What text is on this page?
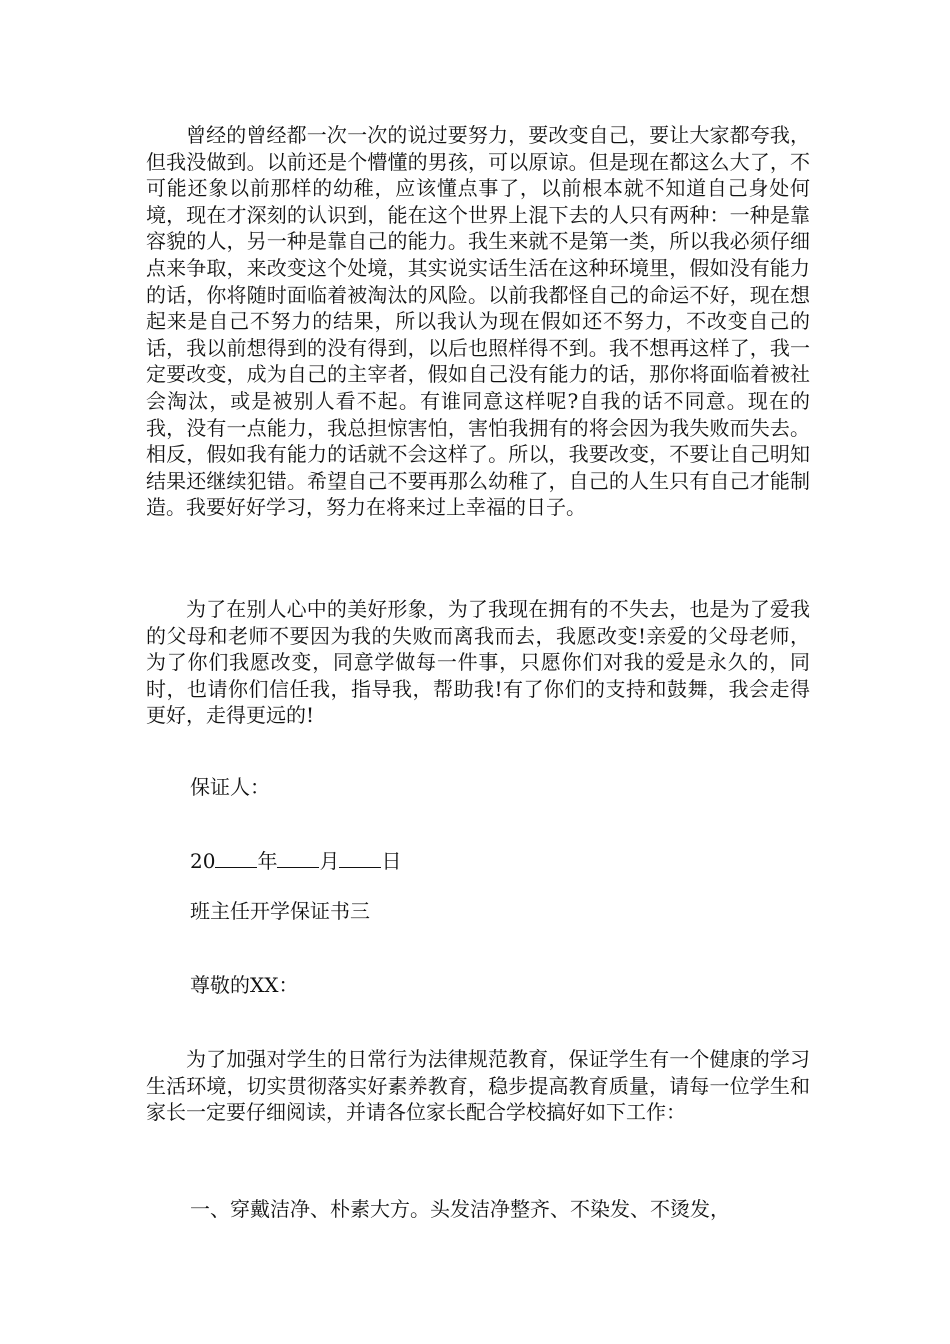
曾经的曾经都一次一次的说过要努力，要改变自己，要让大家都夸我，但我没做到。以前还是个懵懂的男孩，可以原谅。但是现在都这么大了，不可能还象以前那样的幼稚，应该懂点事了，以前根本就不知道自己身处何境，现在才深刻的认识到，能在这个世界上混下去的人只有两种：一种是靠容貌的人，另一种是靠自己的能力。我生来就不是第一类，所以我必须仔细点来争取，来改变这个处境，其实说实话生活在这种环境里，假如没有能力的话，你将随时面临着被淘汰的风险。以前我都怪自己的命运不好，现在想起来是自己不努力的结果，所以我认为现在假如还不努力，不改变自己的话，我以前想得到的没有得到，以后也照样得不到。我不想再这样了，我一定要改变，成为自己的主宰者，假如自己没有能力的话，那你将面临着被社会淘汰，或是被别人看不起。有谁同意这样呢?自我的话不同意。现在的我，没有一点能力，我总担惊害怕，害怕我拥有的将会因为我失败而失去。相反，假如我有能力的话就不会这样了。所以，我要改变，不要让自己明知结果还继续犯错。希望自己不要再那么幼稚了，自己的人生只有自己才能制造。我要好好学习，努力在将来过上幸福的日子。

为了在别人心中的美好形象，为了我现在拥有的不失去，也是为了爱我的父母和老师不要因为我的失败而离我而去，我愿改变!亲爱的父母老师，为了你们我愿改变，同意学做每一件事，只愿你们对我的爱是永久的，同时，也请你们信任我，指导我，帮助我!有了你们的支持和鼓舞，我会走得更好，走得更远的!

保证人：

20 年 月 日

班主任开学保证书三

尊敬的XX：

为了加强对学生的日常行为法律规范教育，保证学生有一个健康的学习生活环境，切实贯彻落实好素养教育，稳步提高教育质量，请每一位学生和家长一定要仔细阅读，并请各位家长配合学校搞好如下工作：

一、穿戴洁净、朴素大方。头发洁净整齐、不染发、不烫发，
